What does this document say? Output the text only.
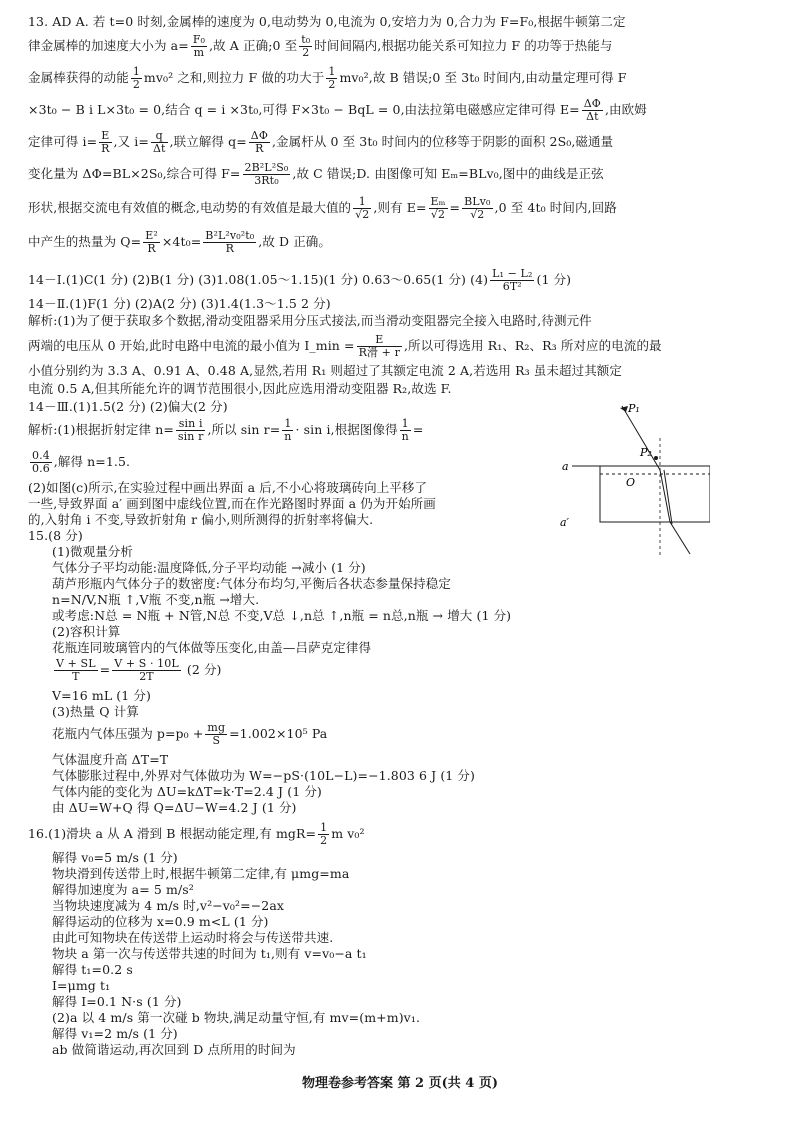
13. AD A. 若 t=0 时刻,金属棒的速度为 0,电动势为 0,电流为 0,安培力为 0,合力为 F=F₀,根据牛顿第二定
律金属棒的加速度大小为 $a= \frac{\text{F₀}}{m}$ ,故 A 正确;0 至 $\frac{\text{t₀}}{2}$ 时间间隔内,根据功能关系可知拉力 F 的功等于热能与
金属棒获得的动能 $\frac{1}{2} mv_0^2$ 之和,则拉力 F 做的功大于 $\frac{1}{2} mv_0^2$,故 B 错误;0 至 3t₀ 时间内,由动量定理可得 F
×3t₀ − B i L×3t₀ = 0,结合 q = i ×3t₀,可得 F×3t₀ − BqL = 0,由法拉第电磁感应定律可得 $E= \frac{\Delta\Phi}{\Delta t}$ ,由欧姆
定律可得 $i= \frac{E}{R}$ ,又 $i= \frac{q}{\Delta t}$ ,联立解得 $q= \frac{\Delta\Phi}{R}$ ,金属杆从 0 至 3t₀ 时间内的位移等于阴影的面积 2S₀,磁通量
变化量为 ΔΦ=BL×2S₀,综合可得 $F= \frac{\text{2B²L²S₀}}{\text{3Rt₀}}$ ,故 C 错误;D. 由图像可知 Eₘ=BLv₀,图中的曲线是正弦
形状,根据交流电有效值的概念,电动势的有效值是最大值的 $\frac{1}{√2}$ ,则有 $E= \frac{\text{Eₘ}}{√2} = \frac{\text{BLv₀}}{√2} ,0$ 至 4t₀ 时间内,回路
中产生的热量为 $Q= \frac{\text{E²}}{R} \times 4t_0= \frac{\text{B²L²v₀²t₀}}{R}$ ,故 D 正确。
14－Ⅰ.(1)C(1 分) (2)B(1 分) (3)1.08(1.05～1.15)(1 分) 0.63～0.65(1 分) $(4) \frac{\text{L₁ − L₂}}{\text{6T²}} (1$ 分)
14－Ⅱ.(1)F(1 分) (2)A(2 分) (3)1.4(1.3～1.5 2 分)
解析:(1)为了便于获取多个数据,滑动变阻器采用分压式接法,而当滑动变阻器完全接入电路时,待测元件
两端的电压从 0 开始,此时电路中电流的最小值为 I_min = $\frac{E}{\text{R滑 + r}}$ ,所以可得选用 R₁、R₂、R₃ 所对应的电流的最
小值分别约为 3.3 A、0.91 A、0.48 A,显然,若用 R₁ 则超过了其额定电流 2 A,若选用 R₃ 虽未超过其额定
电流 0.5 A,但其所能允许的调节范围很小,因此应选用滑动变阻器 R₂,故选 F.
14－Ⅲ.(1)1.5(2 分) (2)偏大(2 分)
解析:(1)根据折射定律 $n= \frac{\text{sin i}}{\text{sin r}}$ ,所以 $\sin r= \frac{1}{n} \cdot \sin i$,根据图像得 $\frac{1}{n}$ =
$\frac{0.4}{0.6}$ ,解得 n=1.5.
(2)如图(c)所示,在实验过程中画出界面 a 后,不小心将玻璃砖向上平移了
一些,导致界面 a′ 画到图中虚线位置,而在作光路图时界面 a 仍为开始所画
的,入射角 i 不变,导致折射角 r 偏小,则所测得的折射率将偏大.
P₁
P₂
O
a
a′
15.(8 分)
(1)微观量分析
气体分子平均动能:温度降低,分子平均动能 →减小 (1 分)
葫芦形瓶内气体分子的数密度:气体分布均匀,平衡后各状态参量保持稳定
n=N/V,N瓶 ↑,V瓶 不变,n瓶 →增大.
或考虑:N总 = N瓶 + N管,N总 不变,V总 ↓,n总 ↑,n瓶 = n总,n瓶 → 增大 (1 分)
(2)容积计算
花瓶连同玻璃管内的气体做等压变化,由盖—吕萨克定律得
$\frac{V + SL}{T} = \frac{V + S \cdot 10L}{2T} (2$ 分)
V=16 mL (1 分)
(3)热量 Q 计算
花瓶内气体压强为 $p=p_0 + \frac{mg}{S} =1.002\times 10^5$ Pa
气体温度升高 ΔT=T
气体膨胀过程中,外界对气体做功为 W=−pS·(10L−L)=−1.803 6 J (1 分)
气体内能的变化为 ΔU=kΔT=k·T=2.4 J (1 分)
由 ΔU=W+Q 得 Q=ΔU−W=4.2 J (1 分)
16.(1)滑块 a 从 A 滑到 B 根据动能定理,有 $mgR= \frac{1}{2}$ m v₀²
解得 v₀=5 m/s (1 分)
物块滑到传送带上时,根据牛顿第二定律,有 μmg=ma
解得加速度为 a= 5 m/s²
当物块速度减为 4 m/s 时,v²−v₀²=−2ax
解得运动的位移为 x=0.9 m<L (1 分)
由此可知物块在传送带上运动时将会与传送带共速.
物块 a 第一次与传送带共速的时间为 t₁,则有 v=v₀−a t₁
解得 t₁=0.2 s
I=μmg t₁
解得 I=0.1 N·s (1 分)
(2)a 以 4 m/s 第一次碰 b 物块,满足动量守恒,有 mv=(m+m)v₁.
解得 v₁=2 m/s (1 分)
ab 做简谐运动,再次回到 D 点所用的时间为
物理卷参考答案 第 2 页(共 4 页)
